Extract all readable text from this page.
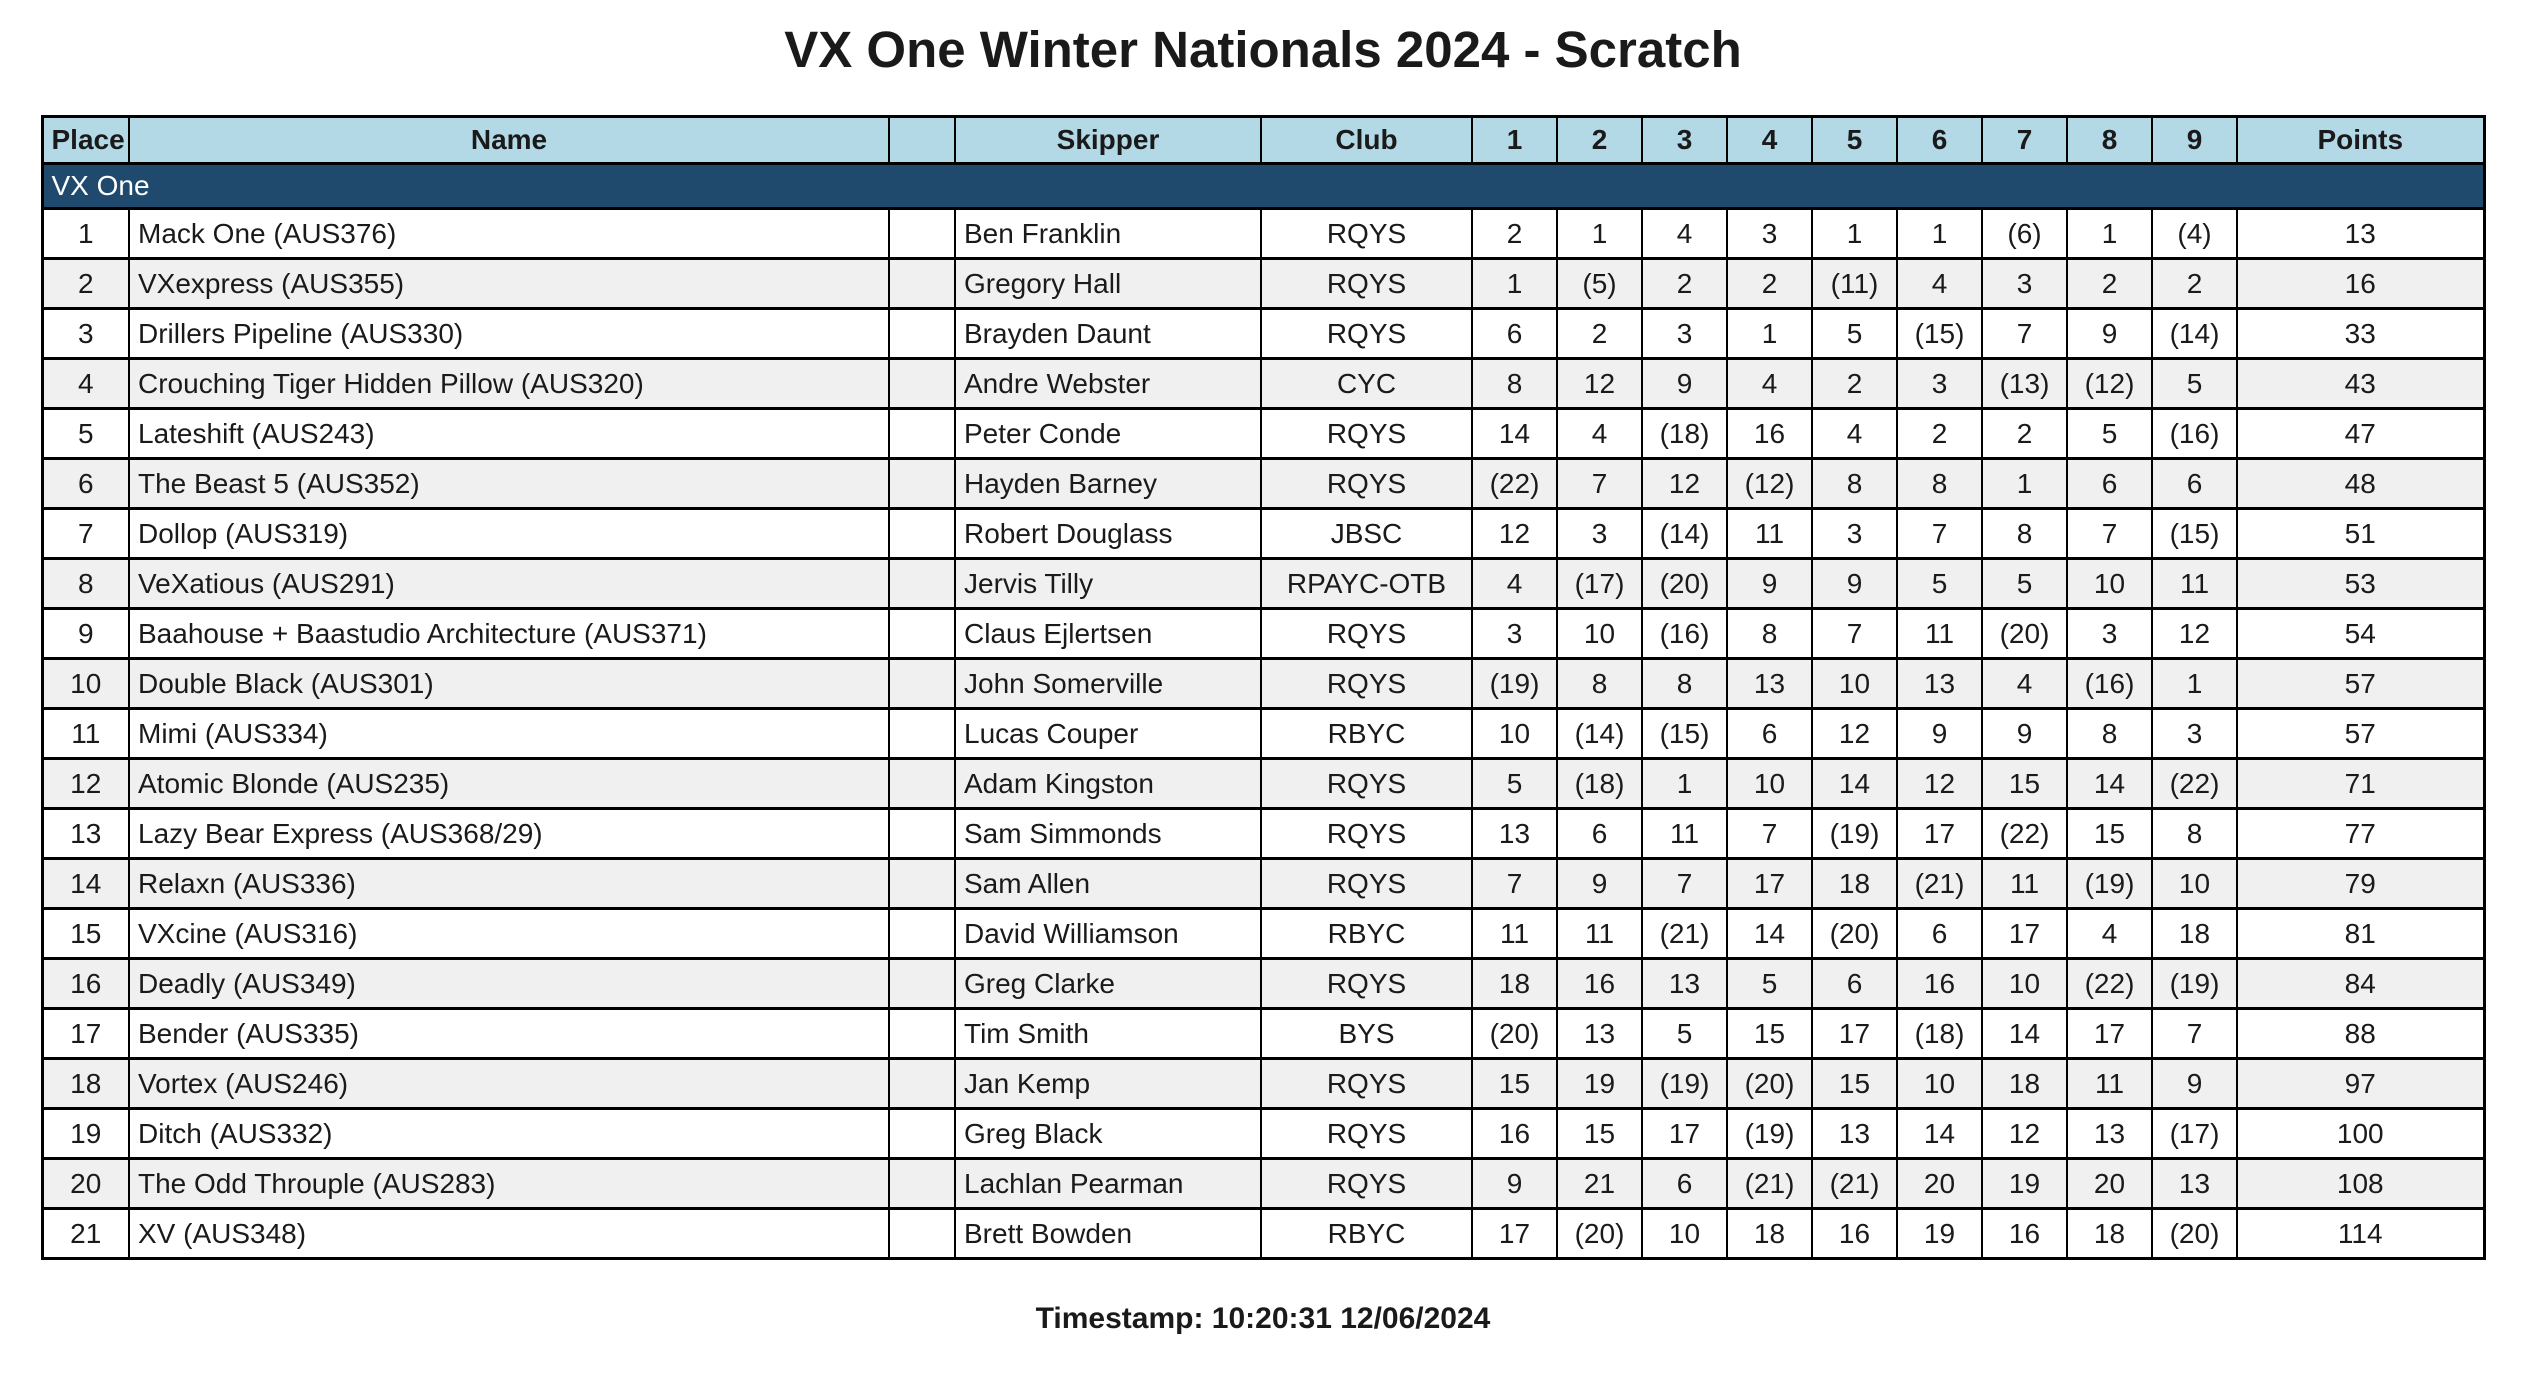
VX One Winter Nationals 2024 - Scratch
Place	Name		Skipper	Club	1	2	3	4	5	6	7	8	9	Points
VX One														
1	Mack One (AUS376)		Ben Franklin	RQYS	2	1	4	3	1	1	(6)	1	(4)	13
2	VXexpress (AUS355)		Gregory Hall	RQYS	1	(5)	2	2	(11)	4	3	2	2	16
3	Drillers Pipeline (AUS330)		Brayden Daunt	RQYS	6	2	3	1	5	(15)	7	9	(14)	33
4	Crouching Tiger Hidden Pillow (AUS320)		Andre Webster	CYC	8	12	9	4	2	3	(13)	(12)	5	43
5	Lateshift (AUS243)		Peter Conde	RQYS	14	4	(18)	16	4	2	2	5	(16)	47
6	The Beast 5 (AUS352)		Hayden Barney	RQYS	(22)	7	12	(12)	8	8	1	6	6	48
7	Dollop (AUS319)		Robert Douglass	JBSC	12	3	(14)	11	3	7	8	7	(15)	51
8	VeXatious (AUS291)		Jervis Tilly	RPAYC-OTB	4	(17)	(20)	9	9	5	5	10	11	53
9	Baahouse + Baastudio Architecture (AUS371)		Claus Ejlertsen	RQYS	3	10	(16)	8	7	11	(20)	3	12	54
10	Double Black (AUS301)		John Somerville	RQYS	(19)	8	8	13	10	13	4	(16)	1	57
11	Mimi (AUS334)		Lucas Couper	RBYC	10	(14)	(15)	6	12	9	9	8	3	57
12	Atomic Blonde (AUS235)		Adam Kingston	RQYS	5	(18)	1	10	14	12	15	14	(22)	71
13	Lazy Bear Express (AUS368/29)		Sam Simmonds	RQYS	13	6	11	7	(19)	17	(22)	15	8	77
14	Relaxn (AUS336)		Sam Allen	RQYS	7	9	7	17	18	(21)	11	(19)	10	79
15	VXcine (AUS316)		David Williamson	RBYC	11	11	(21)	14	(20)	6	17	4	18	81
16	Deadly (AUS349)		Greg Clarke	RQYS	18	16	13	5	6	16	10	(22)	(19)	84
17	Bender (AUS335)		Tim Smith	BYS	(20)	13	5	15	17	(18)	14	17	7	88
18	Vortex (AUS246)		Jan Kemp	RQYS	15	19	(19)	(20)	15	10	18	11	9	97
19	Ditch (AUS332)		Greg Black	RQYS	16	15	17	(19)	13	14	12	13	(17)	100
20	The Odd Throuple (AUS283)		Lachlan Pearman	RQYS	9	21	6	(21)	(21)	20	19	20	13	108
21	XV (AUS348)		Brett Bowden	RBYC	17	(20)	10	18	16	19	16	18	(20)	114
Timestamp: 10:20:31 12/06/2024
